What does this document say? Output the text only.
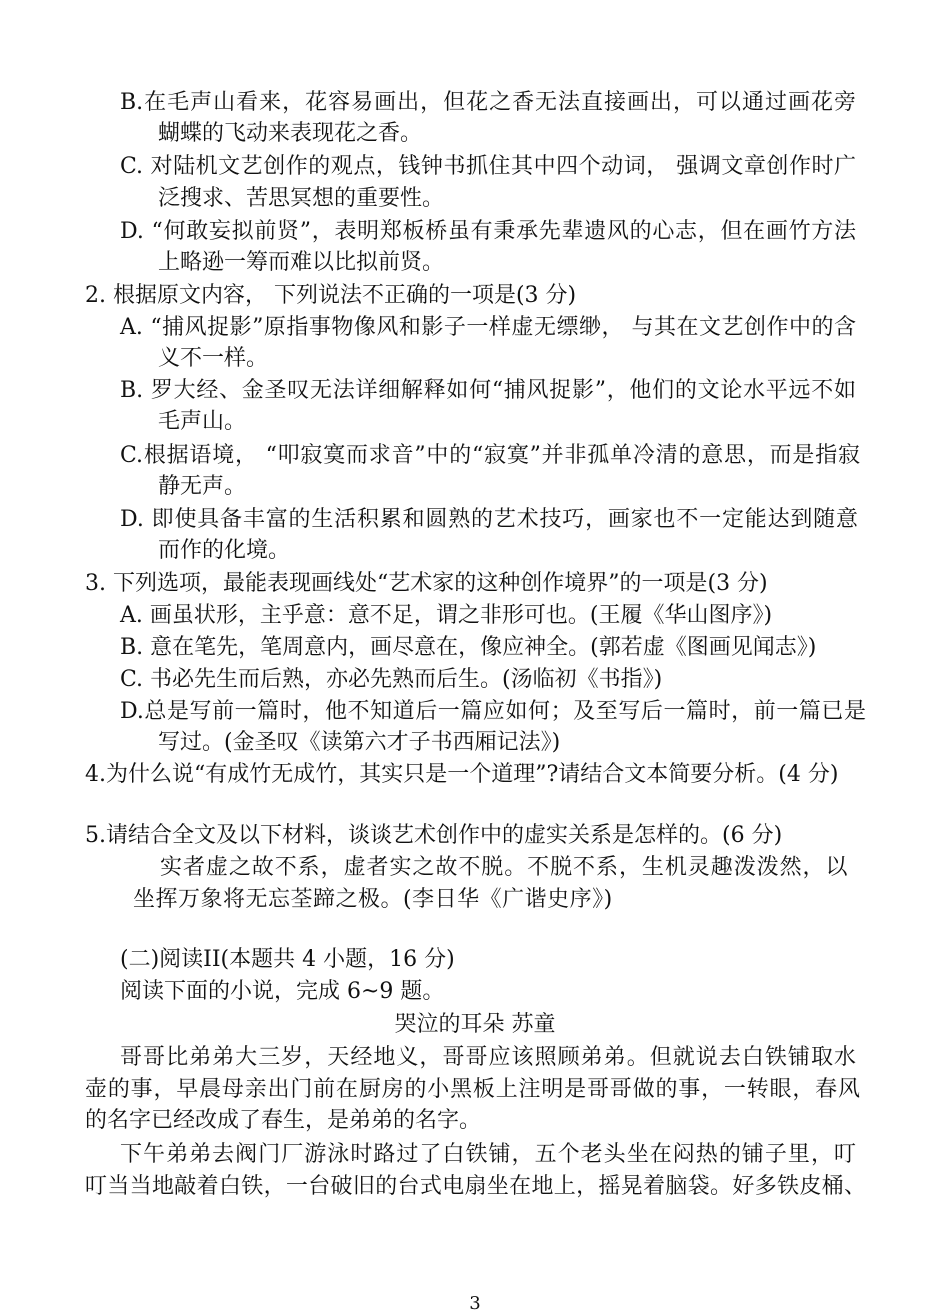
B.在毛声山看来，花容易画出，但花之香无法直接画出，可以通过画花旁
蝴蝶的飞动来表现花之香。
C. 对陆机文艺创作的观点，钱钟书抓住其中四个动词， 强调文章创作时广
泛搜求、苦思冥想的重要性。
D. “何敢妄拟前贤”，表明郑板桥虽有秉承先辈遗风的心志，但在画竹方法
上略逊一筹而难以比拟前贤。
2. 根据原文内容， 下列说法不正确的一项是(3 分)
A. “捕风捉影”原指事物像风和影子一样虚无缥缈， 与其在文艺创作中的含
义不一样。
B. 罗大经、金圣叹无法详细解释如何“捕风捉影”，他们的文论水平远不如
毛声山。
C.根据语境， “叩寂寞而求音”中的“寂寞”并非孤单冷清的意思，而是指寂
静无声。
D. 即使具备丰富的生活积累和圆熟的艺术技巧，画家也不一定能达到随意
而作的化境。
3. 下列选项，最能表现画线处“艺术家的这种创作境界”的一项是(3 分)
A. 画虽状形，主乎意：意不足，谓之非形可也。(王履《华山图序》)
B. 意在笔先，笔周意内，画尽意在，像应神全。(郭若虚《图画见闻志》)
C. 书必先生而后熟，亦必先熟而后生。(汤临初《书指》)
D.总是写前一篇时，他不知道后一篇应如何；及至写后一篇时，前一篇已是
写过。(金圣叹《读第六才子书西厢记法》)
4.为什么说“有成竹无成竹，其实只是一个道理”?请结合文本简要分析。(4 分)
5.请结合全文及以下材料，谈谈艺术创作中的虚实关系是怎样的。(6 分)
实者虚之故不系，虚者实之故不脱。不脱不系，生机灵趣泼泼然，以
坐挥万象将无忘荃蹄之极。(李日华《广谐史序》)
(二)阅读II(本题共 4 小题，16 分)
阅读下面的小说，完成 6~9 题。
哭泣的耳朵 苏童
哥哥比弟弟大三岁，天经地义，哥哥应该照顾弟弟。但就说去白铁铺取水
壶的事，早晨母亲出门前在厨房的小黑板上注明是哥哥做的事，一转眼，春风
的名字已经改成了春生，是弟弟的名字。
下午弟弟去阀门厂游泳时路过了白铁铺，五个老头坐在闷热的铺子里，叮
叮当当地敲着白铁，一台破旧的台式电扇坐在地上，摇晃着脑袋。好多铁皮桶、
3
